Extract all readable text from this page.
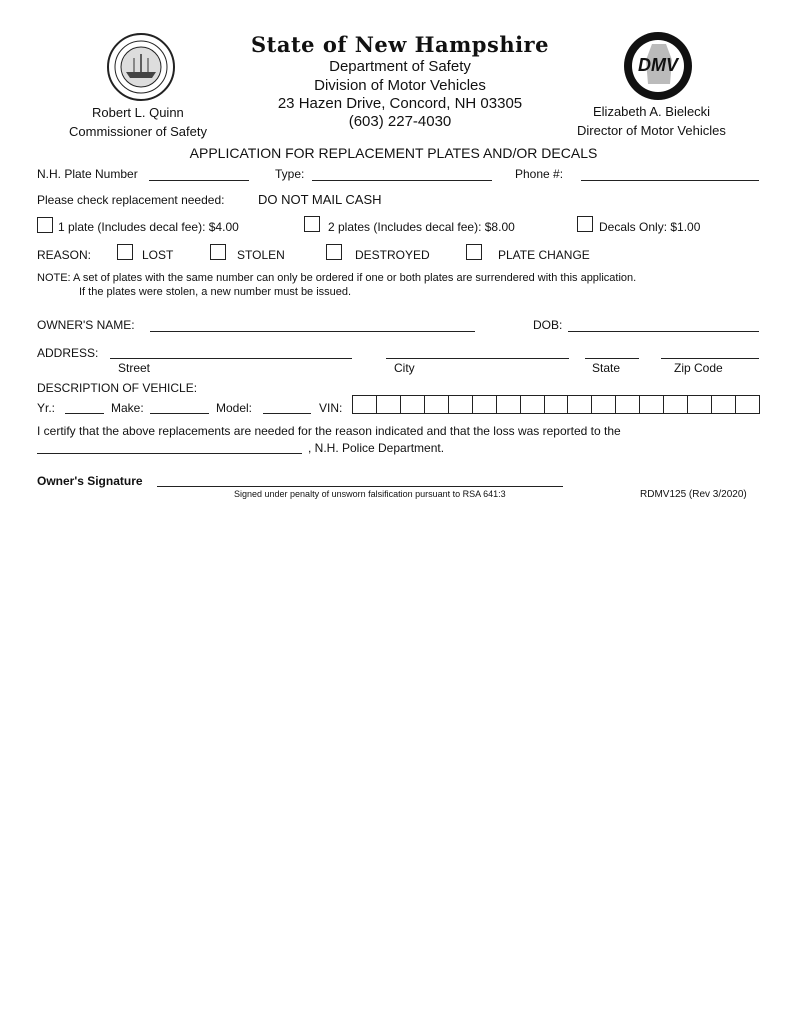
State of New Hampshire
Department of Safety
Division of Motor Vehicles
23 Hazen Drive, Concord, NH 03305
(603) 227-4030
Robert L. Quinn
Commissioner of Safety
DMV
Elizabeth A. Bielecki
Director of Motor Vehicles
APPLICATION FOR REPLACEMENT PLATES AND/OR DECALS
N.H. Plate Number	Type:	Phone #:
Please check replacement needed:	DO NOT MAIL CASH
1 plate (Includes decal fee): $4.00	2 plates (Includes decal fee): $8.00	Decals Only: $1.00
REASON:	LOST	STOLEN	DESTROYED	PLATE CHANGE
NOTE: A set of plates with the same number can only be ordered if one or both plates are surrendered with this application.
If the plates were stolen, a new number must be issued.
OWNER'S NAME:	DOB:
ADDRESS:
Street	City	State	Zip Code
DESCRIPTION OF VEHICLE:
Yr.:	Make:	Model:	VIN:
I certify that the above replacements are needed for the reason indicated and that the loss was reported to the
, N.H. Police Department.
Owner's Signature
Signed under penalty of unsworn falsification pursuant to RSA 641:3	RDMV125 (Rev 3/2020)
